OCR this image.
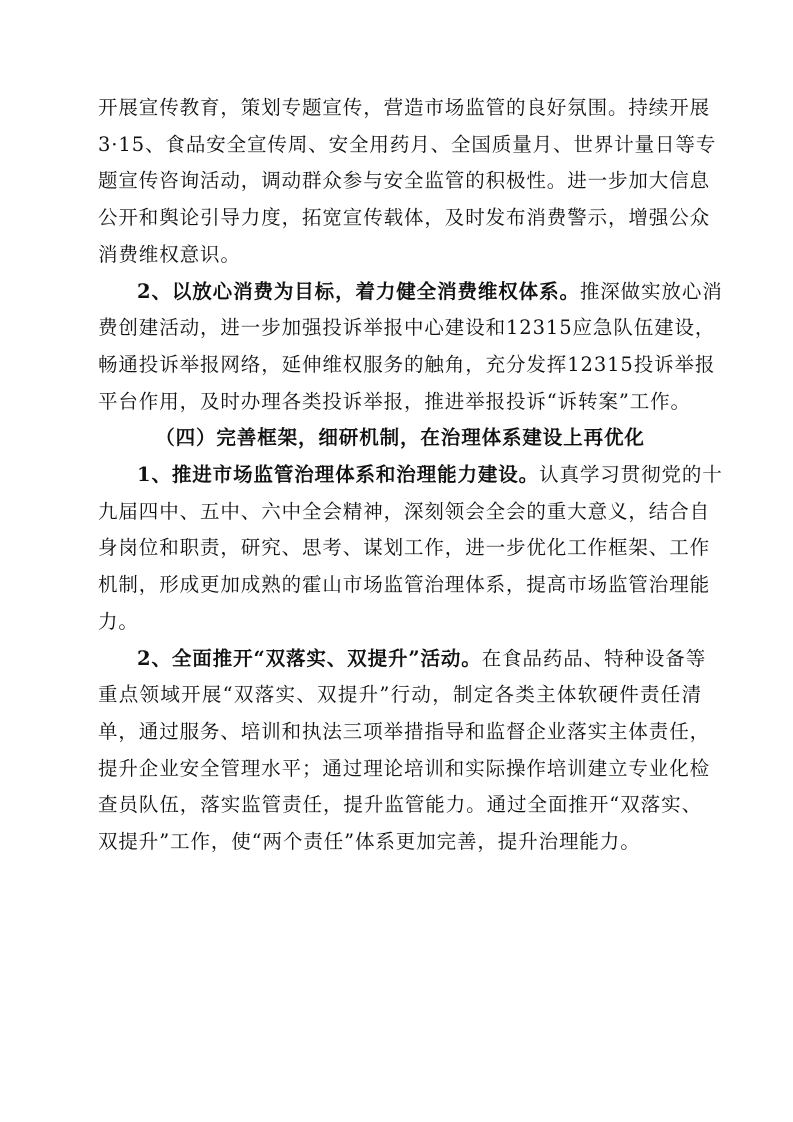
开展宣传教育，策划专题宣传，营造市场监管的良好氛围。持续开展
3·15、食品安全宣传周、安全用药月、全国质量月、世界计量日等专
题宣传咨询活动，调动群众参与安全监管的积极性。进一步加大信息
公开和舆论引导力度，拓宽宣传载体，及时发布消费警示，增强公众
消费维权意识。

2、以放心消费为目标，着力健全消费维权体系。推深做实放心消
费创建活动，进一步加强投诉举报中心建设和12315应急队伍建设，
畅通投诉举报网络，延伸维权服务的触角，充分发挥12315投诉举报
平台作用，及时办理各类投诉举报，推进举报投诉“诉转案”工作。

（四）完善框架，细研机制，在治理体系建设上再优化

1、推进市场监管治理体系和治理能力建设。认真学习贯彻党的十
九届四中、五中、六中全会精神，深刻领会全会的重大意义，结合自
身岗位和职责，研究、思考、谋划工作，进一步优化工作框架、工作
机制，形成更加成熟的霍山市场监管治理体系，提高市场监管治理能
力。

2、全面推开“双落实、双提升”活动。在食品药品、特种设备等
重点领域开展“双落实、双提升”行动，制定各类主体软硬件责任清
单，通过服务、培训和执法三项举措指导和监督企业落实主体责任，
提升企业安全管理水平；通过理论培训和实际操作培训建立专业化检
查员队伍，落实监管责任，提升监管能力。通过全面推开“双落实、
双提升”工作，使“两个责任”体系更加完善，提升治理能力。
